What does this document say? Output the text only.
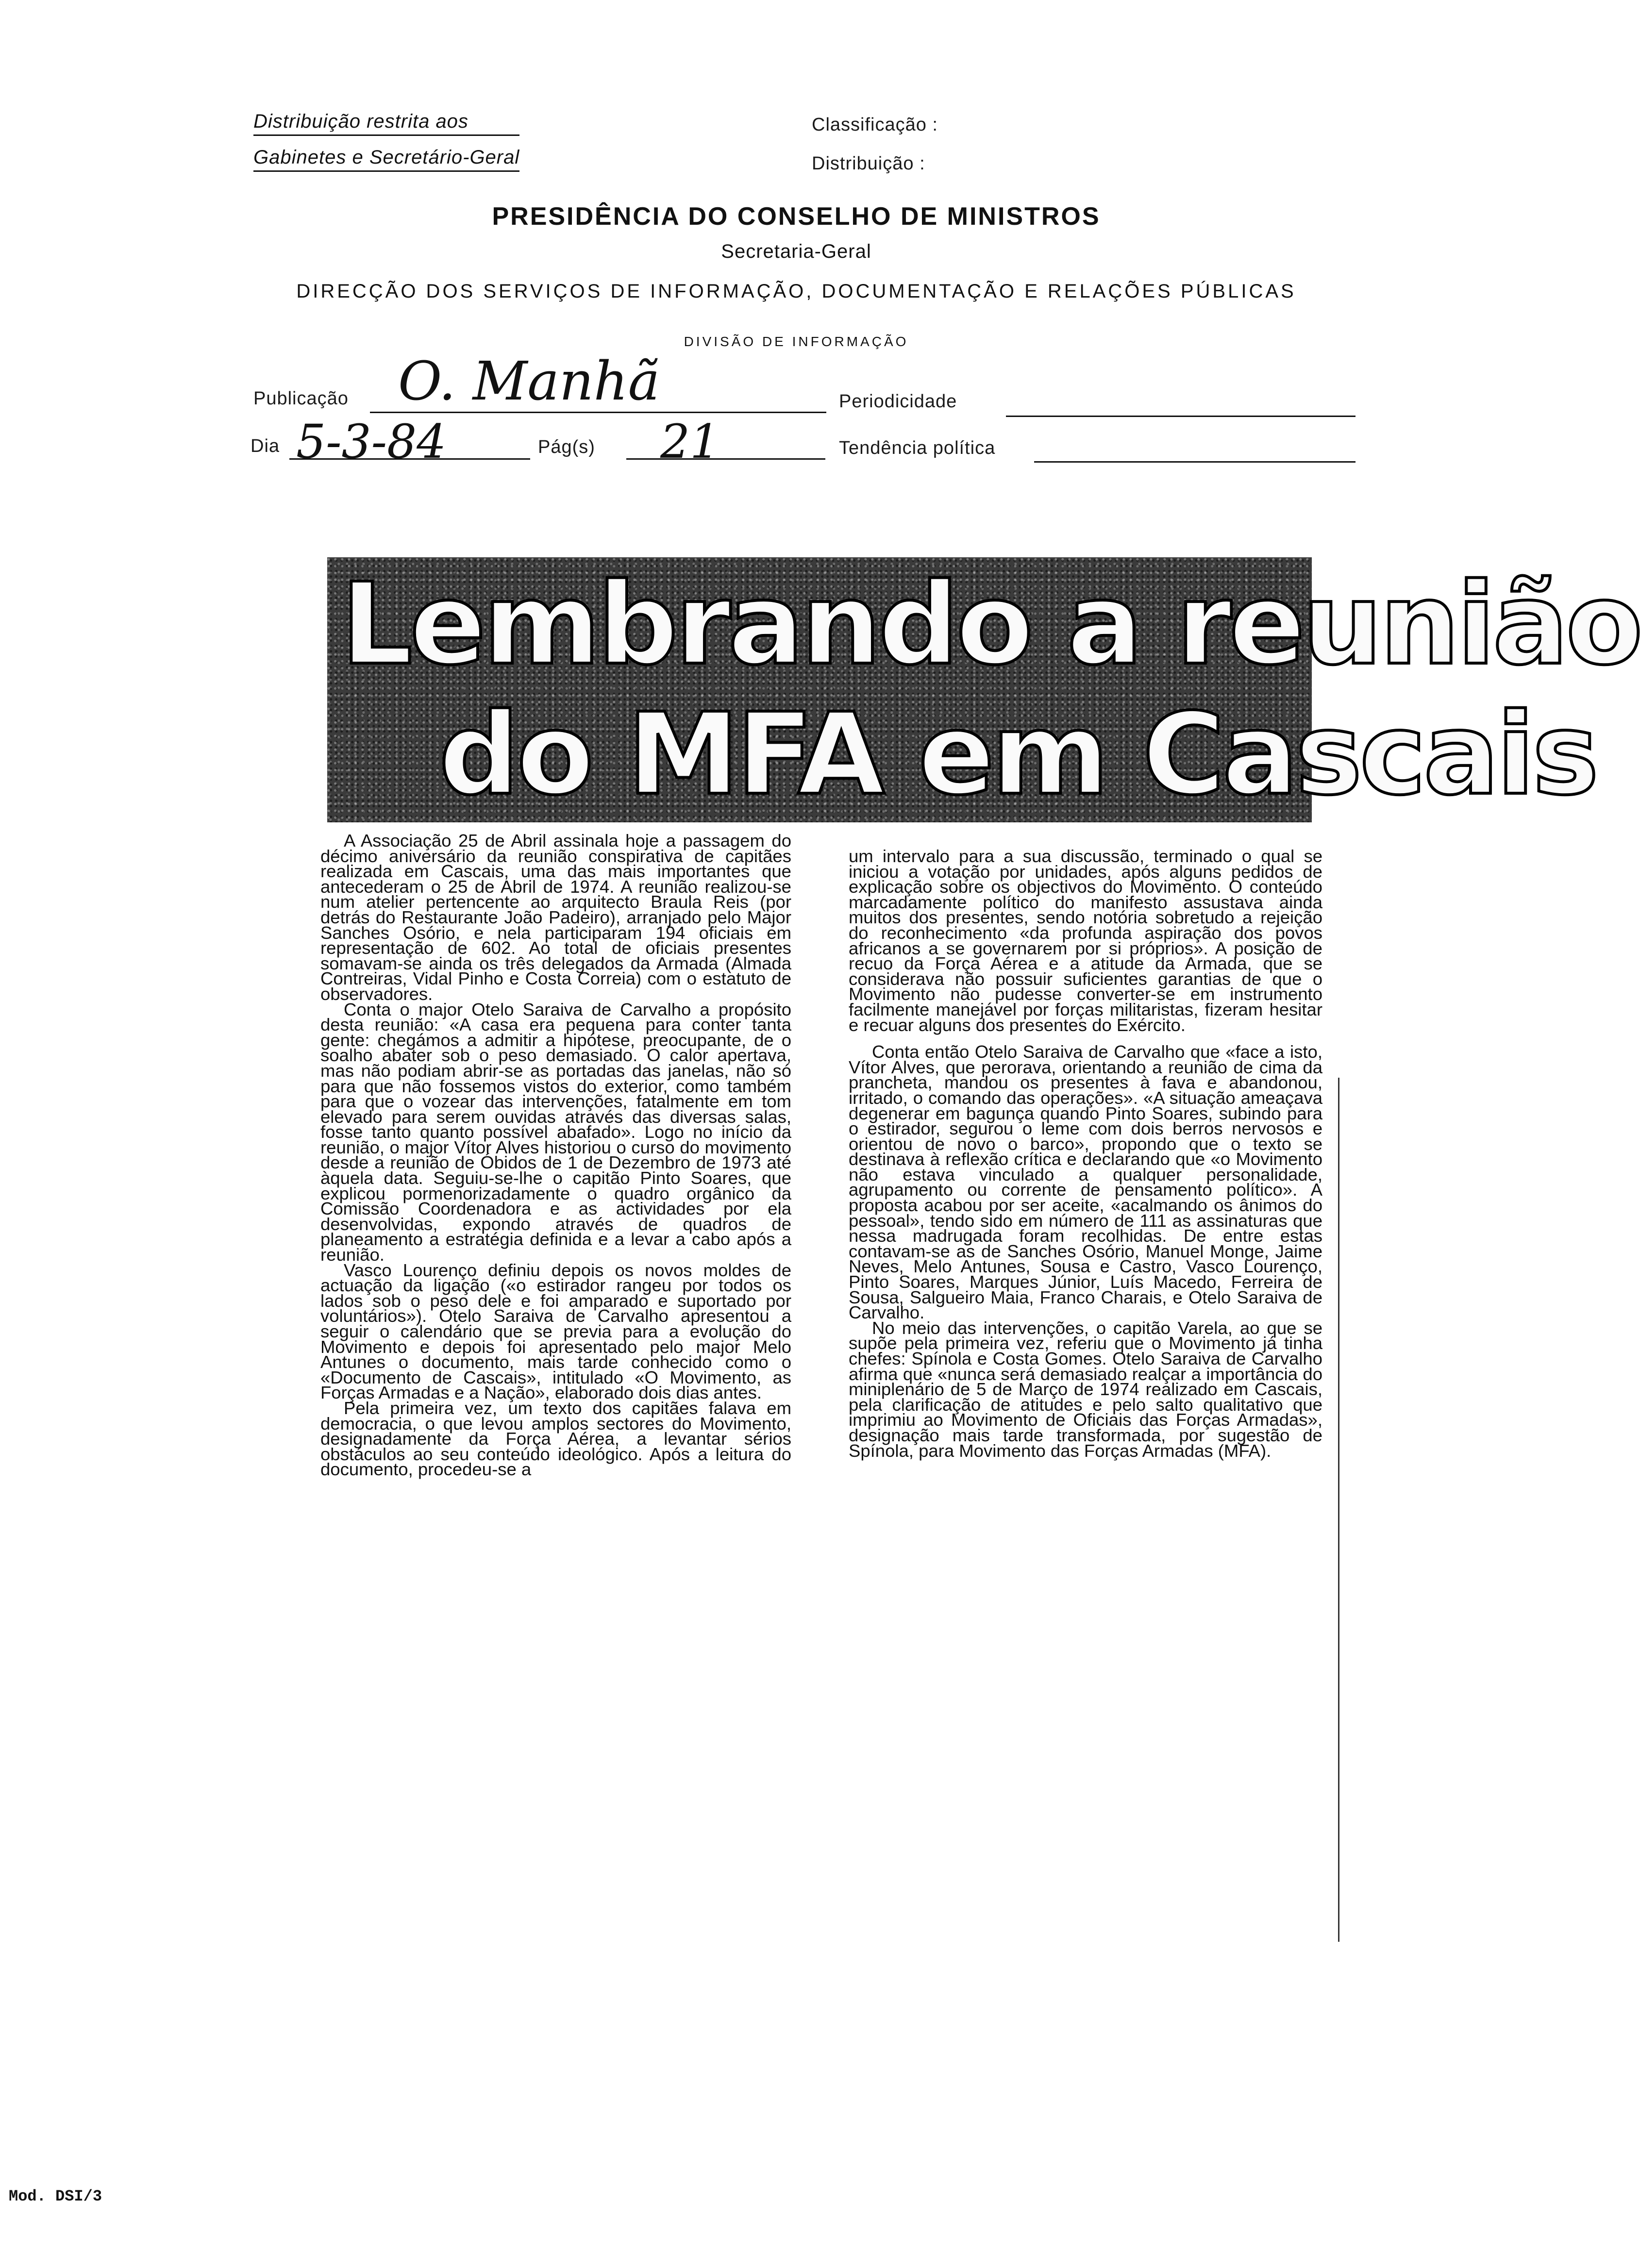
Distribuição restrita aos
Gabinetes e Secretário-Geral
Classificação :
Distribuição :
PRESIDÊNCIA DO CONSELHO DE MINISTROS
Secretaria-Geral
DIRECÇÃO DOS SERVIÇOS DE INFORMAÇÃO, DOCUMENTAÇÃO E RELAÇÕES PÚBLICAS
DIVISÃO DE INFORMAÇÃO
Publicação O. Manhã	Periodicidade
Dia 5-3-84	Pág(s) 21	Tendência política
Lembrando a reunião
do MFA em Cascais

A Associação 25 de Abril assinala hoje a passagem do décimo aniversário da reunião conspirativa de capitães realizada em Cascais, uma das mais importantes que antecederam o 25 de Abril de 1974. A reunião realizou-se num atelier pertencente ao arquitecto Braula Reis (por detrás do Restaurante João Padeiro), arranjado pelo Major Sanches Osório, e nela participaram 194 oficiais em representação de 602. Ao total de oficiais presentes somavam-se ainda os três delegados da Armada (Almada Contreiras, Vidal Pinho e Costa Correia) com o estatuto de observadores.

Conta o major Otelo Saraiva de Carvalho a propósito desta reunião: «A casa era pequena para conter tanta gente: chegámos a admitir a hipótese, preocupante, de o soalho abater sob o peso demasiado. O calor apertava, mas não podiam abrir-se as portadas das janelas, não só para que não fossemos vistos do exterior, como também para que o vozear das intervenções, fatalmente em tom elevado para serem ouvidas através das diversas salas, fosse tanto quanto possível abafado». Logo no início da reunião, o major Vítor Alves historiou o curso do movimento desde a reunião de Óbidos de 1 de Dezembro de 1973 até àquela data. Seguiu-se-lhe o capitão Pinto Soares, que explicou pormenorizadamente o quadro orgânico da Comissão Coordenadora e as actividades por ela desenvolvidas, expondo através de quadros de planeamento a estratégia definida e a levar a cabo após a reunião.

Vasco Lourenço definiu depois os novos moldes de actuação da ligação («o estirador rangeu por todos os lados sob o peso dele e foi amparado e suportado por voluntários»). Otelo Saraiva de Carvalho apresentou a seguir o calendário que se previa para a evolução do Movimento e depois foi apresentado pelo major Melo Antunes o documento, mais tarde conhecido como o «Documento de Cascais», intitulado «O Movimento, as Forças Armadas e a Nação», elaborado dois dias antes.

Pela primeira vez, um texto dos capitães falava em democracia, o que levou amplos sectores do Movimento, designadamente da Força Aérea, a levantar sérios obstáculos ao seu conteúdo ideológico. Após a leitura do documento, procedeu-se a

um intervalo para a sua discussão, terminado o qual se iniciou a votação por unidades, após alguns pedidos de explicação sobre os objectivos do Movimento. O conteúdo marcadamente político do manifesto assustava ainda muitos dos presentes, sendo notória sobretudo a rejeição do reconhecimento «da profunda aspiração dos povos africanos a se governarem por si próprios». A posição de recuo da Força Aérea e a atitude da Armada, que se considerava não possuir suficientes garantias de que o Movimento não pudesse converter-se em instrumento facilmente manejável por forças militaristas, fizeram hesitar e recuar alguns dos presentes do Exército.

Conta então Otelo Saraiva de Carvalho que «face a isto, Vítor Alves, que perorava, orientando a reunião de cima da prancheta, mandou os presentes à fava e abandonou, irritado, o comando das operações». «A situação ameaçava degenerar em bagunça quando Pinto Soares, subindo para o estirador, segurou o leme com dois berros nervosos e orientou de novo o barco», propondo que o texto se destinava à reflexão crítica e declarando que «o Movimento não estava vinculado a qualquer personalidade, agrupamento ou corrente de pensamento político». A proposta acabou por ser aceite, «acalmando os ânimos do pessoal», tendo sido em número de 111 as assinaturas que nessa madrugada foram recolhidas. De entre estas contavam-se as de Sanches Osório, Manuel Monge, Jaime Neves, Melo Antunes, Sousa e Castro, Vasco Lourenço, Pinto Soares, Marques Júnior, Luís Macedo, Ferreira de Sousa, Salgueiro Maia, Franco Charais, e Otelo Saraiva de Carvalho.

No meio das intervenções, o capitão Varela, ao que se supõe pela primeira vez, referiu que o Movimento já tinha chefes: Spínola e Costa Gomes. Otelo Saraiva de Carvalho afirma que «nunca será demasiado realçar a importância do miniplenário de 5 de Março de 1974 realizado em Cascais, pela clarificação de atitudes e pelo salto qualitativo que imprimiu ao Movimento de Oficiais das Forças Armadas», designação mais tarde transformada, por sugestão de Spínola, para Movimento das Forças Armadas (MFA).

Mod. DSI/3
